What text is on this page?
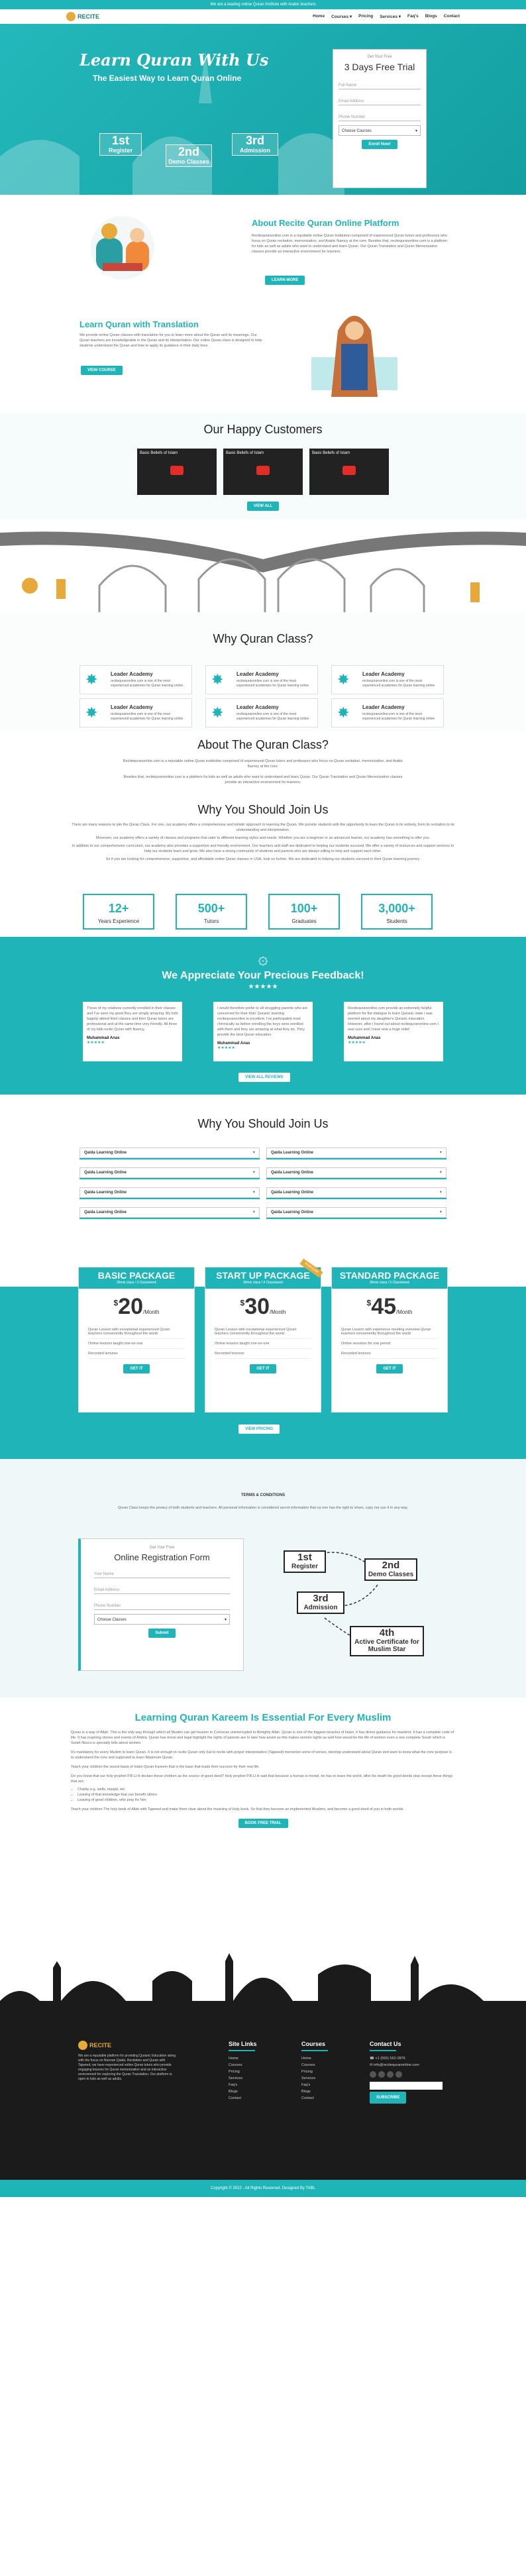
We are a leading online Quran Institute with Arabic teachers
RECITE	Home Courses ▾ Pricing Services ▾ Faq's Blogs Contact
Learn Quran With Us
The Easiest Way to Learn Quran Online
1st
Register	2nd
Demo Classes
3rd
Admission
Get Your Free
3 Days Free Trial
Full Name
Email Address
Phone Number
Choose Courses	▾
Enroll Now!
About Recite Quran Online Platform

Recitequranonline.com is a reputable online Quran Institution comprised of experienced Quran tutors and professors who focus on Quran recitation, memorization, and Arabic fluency at the core. Besides that, recitequranonline.com is a platform for kids as well as adults who want to understand and learn Quran. Our Quran Translation and Quran Memorization classes provide an interactive environment for learners.

LEARN MORE
Learn Quran with Translation

We provide online Quran classes with translation for you to learn more about the Quran and its meanings. Our Quran teachers are knowledgeable in the Quran and its interpretation. Our online Quran class is designed to help students understand the Quran and how to apply its guidance in their daily lives.

VIEW COURSE
Our Happy Customers
Basic Beliefs of Islam
	Basic Beliefs of Islam
	Basic Beliefs of Islam
VIEW ALL
Why Quran Class?
✸ Leader Academy

recitequranonline.com is one of the most experienced academies for Quran learning online	✸ Leader Academy

recitequranonline.com is one of the most experienced academies for Quran learning online	✸ Leader Academy

recitequranonline.com is one of the most experienced academies for Quran learning online

✸ Leader Academy

recitequranonline.com is one of the most experienced academies for Quran learning online	✸ Leader Academy

recitequranonline.com is one of the most experienced academies for Quran learning online	✸ Leader Academy

recitequranonline.com is one of the most experienced academies for Quran learning online

About The Quran Class?

Recitequranonline.com is a reputable online Quran institution comprised of experienced Quran tutors and professors who focus on Quran recitation, memorization, and Arabic fluency at the core.

Besides that, recitequranonline.com is a platform for kids as well as adults who want to understand and learn Quran. Our Quran Translation and Quran Memorization classes provide an interactive environment for learners.

Why You Should Join Us

There are many reasons to join the Quran Class. For one, our academy offers a comprehensive and holistic approach to learning the Quran. We provide students with the opportunity to learn the Quran in its entirety, from its recitation to its understanding and interpretation.

Moreover, our academy offers a variety of classes and programs that cater to different learning styles and needs. Whether you are a beginner or an advanced learner, our academy has something to offer you.

In addition to our comprehensive curriculum, our academy also provides a supportive and friendly environment. Our teachers and staff are dedicated to helping our students succeed. We offer a variety of resources and support services to help our students learn and grow. We also have a strong community of students and parents who are always willing to help and support each other.

So if you are looking for comprehensive, supportive, and affordable online Quran classes in USA, look no further. We are dedicated to helping our students succeed in their Quran learning journey.

12+
Years Experience
500+
Tutors
100+
Graduates
3,000+
Students
۞
We Appreciate Your Precious Feedback!
★★★★★

Those of my relatives currently enrolled in their classes and I've seen my good they are simply amazing. My kids happily attend their classes and their Quran tutors are professional and at the same time very friendly. All three of my kids recite Quran with fluency.

Muhammad Anas
★★★★★

I would therefore prefer to all struggling parents who are concerned for their Kids' Quranic learning recitequranonline is excellent. I've participated most chronically as before enrolling the boys were enrolled with them and they are amazing at what they do. They provide the best Quran education.

Muhammad Anas
★★★★★

Recitequranonline.com provide an extremely helpful platform for the dialogue to learn Quranic state I was worried about my daughter's Quranic education. However, after I found out about recitequranonline.com I was sure and I have now a huge relief.

Muhammad Anas
★★★★★
VIEW ALL REVIEWS
Why You Should Join Us
Qaida Learning Online	+	Qaida Learning Online	+
Qaida Learning Online	+	Qaida Learning Online	+
Qaida Learning Online	+	Qaida Learning Online	+
Qaida Learning Online	+	Qaida Learning Online	+
BASIC PACKAGE
30min class / 3 Class/week
$20/Month
Quran Lesson with exceptional experienced Quran teachers conveniently throughout the world
Online lessons taught one-on-one
Recorded lectures
GET IT
START UP PACKAGE
30min class / 4 Class/week
POPULAR
$30/Month
Quran Lesson with exceptional experienced Quran teachers conveniently throughout the world
Online lessons taught one-on-one
Recorded lectures
GET IT
STANDARD PACKAGE
30min class / 5 Class/week
$45/Month
Quran Lesson with experience meeting overview Quran teachers conveniently throughout the world
Online sessions for one period
Recorded lectures
GET IT
VIEW PRICING
TERMS & CONDITIONS

Quran Class keeps the privacy of both students and teachers. All personal information is considered secret information that no one has the right to share, copy nor use it in any way.

Get Your Free
Online Registration Form
Your Name
Email Address
Phone Number
Choose Classes	▾
Submit
1st
Register	2nd
Demo Classes
3rd
Admission
4th
Active Certificate for Muslim Star
Learning Quran Kareem Is Essential For Every Muslim

Quran is a way of Allah. This is the only way through which all Muslim can get heaven to Converse uninterrupted to Almighty Allah. Quran is one of the biggest miracles of Islam. It has divine guidance for mankind. It has a complete code of life. It has inspiring stories and events of Ambia. Quran has moral and legal highlight the rights of parents are to take how assist as this makes women rights as well how would be the life of women even a one complete Surah which is Surah Nisa'a is specially tells about women.

It's mandatory for every Muslim to learn Quran. It is not enough to recite Quran only but to recite with proper interpretation (Tajweed) memorize some of verses, develop understand about Quran and want to know what the core purpose is to understand the core and supposed to learn Maximum Quran.

Teach your children the sound basis of Islam Quran Kareem that is the base that leads their success for their real life.

Do you know that our holy prophet P.B.U.H declare those children as the source of good deed? Holy prophet P.B.U.H said that because a human is mortal, he has to leave the world, after his death his good deeds stop except these things that are;

• Charity e.g. wells, masjid, etc.
• Leaving of that knowledge that can benefit others
• Leaving of good children, who pray for him

Teach your children The holy book of Allah with Tajweed and make them clear about the meaning of Holy book. So that they become an implemented Muslims, and become a good deed of you in both worlds.

BOOK FREE TRIAL
RECITE

We are a reputable platform for providing Quranic Education along with the focus on Noorani Qaida, Recitation and Quran with Tajweed, we have experienced online Quran tutors who provide engaging lessons for Quran memorization and an interactive environment for exploring the Quran Translation. Our platform is open to kids as well as adults.

Site Links
Home
Courses
Pricing
Services
Faq's
Blogs
Contact
Courses
Home
Courses
Pricing
Services
Faq's
Blogs
Contact
Contact Us
☎ +1 (555) 552-2876
✉ info@recitequranonline.com
SUBSCRIBE
Copyright © 2022 - All Rights Reserved. Designed By TABL
